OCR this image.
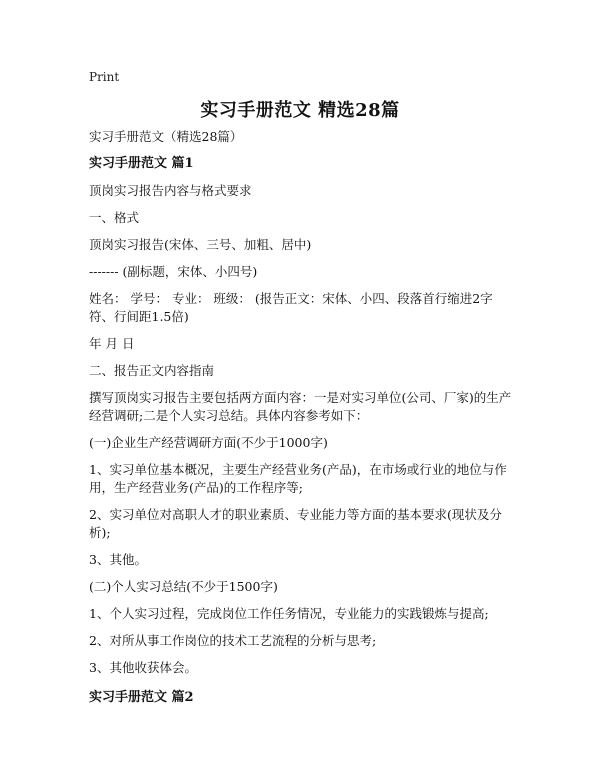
Print
实习手册范文 精选28篇
实习手册范文（精选28篇）
实习手册范文 篇1
顶岗实习报告内容与格式要求
一、格式
顶岗实习报告(宋体、三号、加粗、居中)
------- (副标题，宋体、小四号)
姓名： 学号： 专业： 班级： (报告正文：宋体、小四、段落首行缩进2字符、行间距1.5倍)
年 月 日
二、报告正文内容指南
撰写顶岗实习报告主要包括两方面内容：一是对实习单位(公司、厂家)的生产经营调研;二是个人实习总结。具体内容参考如下：
(一)企业生产经营调研方面(不少于1000字)
1、实习单位基本概况，主要生产经营业务(产品)，在市场或行业的地位与作用，生产经营业务(产品)的工作程序等;
2、实习单位对高职人才的职业素质、专业能力等方面的基本要求(现状及分析);
3、其他。
(二)个人实习总结(不少于1500字)
1、个人实习过程，完成岗位工作任务情况，专业能力的实践锻炼与提高;
2、对所从事工作岗位的技术工艺流程的分析与思考;
3、其他收获体会。
实习手册范文 篇2
